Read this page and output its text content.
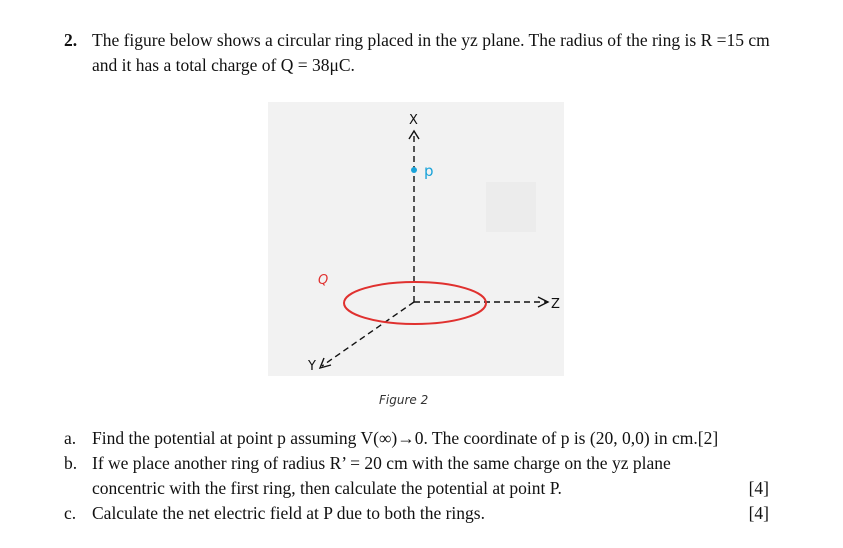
2. The figure below shows a circular ring placed in the yz plane. The radius of the ring is R =15 cm and it has a total charge of Q = 38μC.
X
p
Q
Z
Y
Figure 2
a. Find the potential at point p assuming V(∞)→0. The coordinate of p is (20, 0,0) in cm.[2]
b. If we place another ring of radius R’ = 20 cm with the same charge on the yz plane concentric with the first ring, then calculate the potential at point P.	[4]
c. Calculate the net electric field at P due to both the rings.	[4]
